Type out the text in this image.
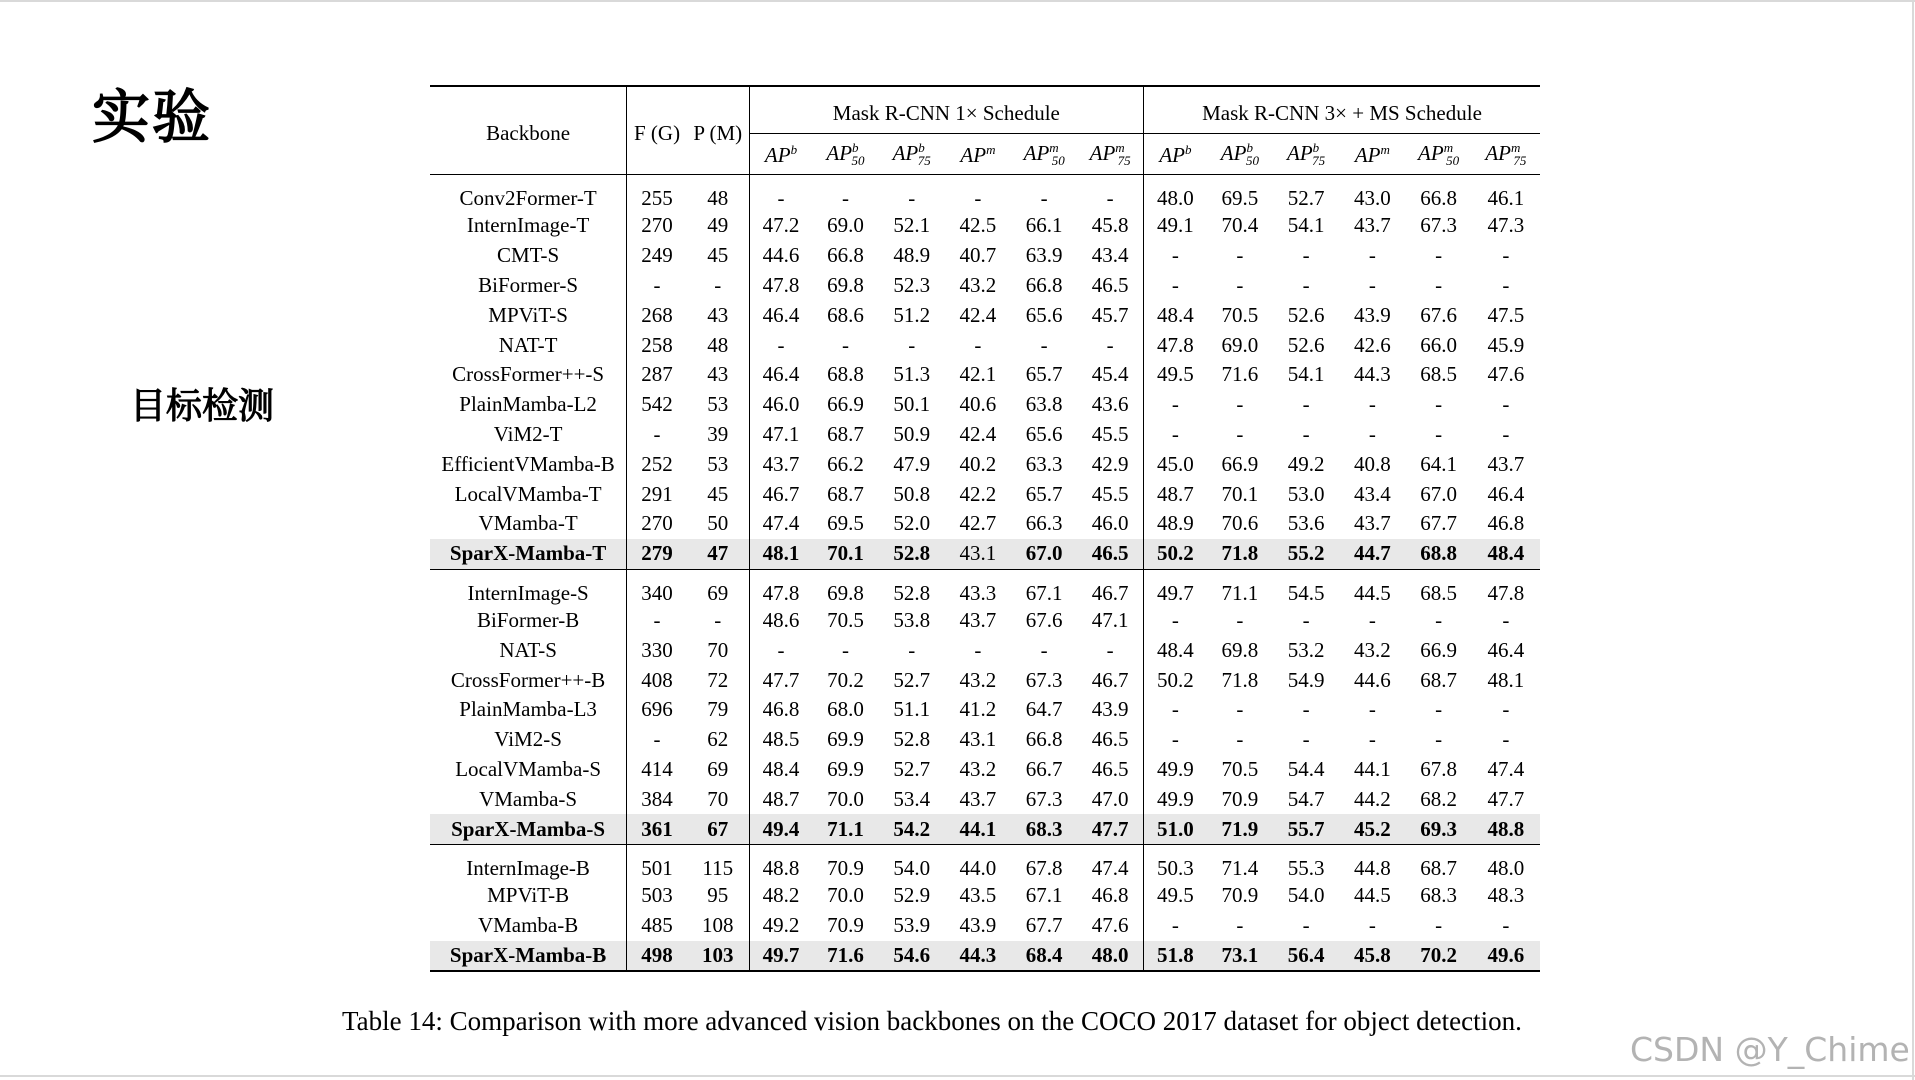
实验
目标检测
Backbone	F (G)	P (M)	Mask R-CNN 1× Schedule						Mask R-CNN 3× + MS Schedule					
			$AP^b$	$AP^b_{50}$	$AP^b_{75}$	$AP^m$	$AP^m_{50}$	$AP^m_{75}$	$AP^b$	$AP^b_{50}$	$AP^b_{75}$	$AP^m$	$AP^m_{50}$	$AP^m_{75}$
Conv2Former-T	255	48	-	-	-	-	-	-	48.0	69.5	52.7	43.0	66.8	46.1
InternImage-T	270	49	47.2	69.0	52.1	42.5	66.1	45.8	49.1	70.4	54.1	43.7	67.3	47.3
CMT-S	249	45	44.6	66.8	48.9	40.7	63.9	43.4	-	-	-	-	-	-
BiFormer-S	-	-	47.8	69.8	52.3	43.2	66.8	46.5	-	-	-	-	-	-
MPViT-S	268	43	46.4	68.6	51.2	42.4	65.6	45.7	48.4	70.5	52.6	43.9	67.6	47.5
NAT-T	258	48	-	-	-	-	-	-	47.8	69.0	52.6	42.6	66.0	45.9
CrossFormer++-S	287	43	46.4	68.8	51.3	42.1	65.7	45.4	49.5	71.6	54.1	44.3	68.5	47.6
PlainMamba-L2	542	53	46.0	66.9	50.1	40.6	63.8	43.6	-	-	-	-	-	-
ViM2-T	-	39	47.1	68.7	50.9	42.4	65.6	45.5	-	-	-	-	-	-
EfficientVMamba-B	252	53	43.7	66.2	47.9	40.2	63.3	42.9	45.0	66.9	49.2	40.8	64.1	43.7
LocalVMamba-T	291	45	46.7	68.7	50.8	42.2	65.7	45.5	48.7	70.1	53.0	43.4	67.0	46.4
VMamba-T	270	50	47.4	69.5	52.0	42.7	66.3	46.0	48.9	70.6	53.6	43.7	67.7	46.8
SparX-Mamba-T	279	47	48.1	70.1	52.8	43.1	67.0	46.5	50.2	71.8	55.2	44.7	68.8	48.4
InternImage-S	340	69	47.8	69.8	52.8	43.3	67.1	46.7	49.7	71.1	54.5	44.5	68.5	47.8
BiFormer-B	-	-	48.6	70.5	53.8	43.7	67.6	47.1	-	-	-	-	-	-
NAT-S	330	70	-	-	-	-	-	-	48.4	69.8	53.2	43.2	66.9	46.4
CrossFormer++-B	408	72	47.7	70.2	52.7	43.2	67.3	46.7	50.2	71.8	54.9	44.6	68.7	48.1
PlainMamba-L3	696	79	46.8	68.0	51.1	41.2	64.7	43.9	-	-	-	-	-	-
ViM2-S	-	62	48.5	69.9	52.8	43.1	66.8	46.5	-	-	-	-	-	-
LocalVMamba-S	414	69	48.4	69.9	52.7	43.2	66.7	46.5	49.9	70.5	54.4	44.1	67.8	47.4
VMamba-S	384	70	48.7	70.0	53.4	43.7	67.3	47.0	49.9	70.9	54.7	44.2	68.2	47.7
SparX-Mamba-S	361	67	49.4	71.1	54.2	44.1	68.3	47.7	51.0	71.9	55.7	45.2	69.3	48.8
InternImage-B	501	115	48.8	70.9	54.0	44.0	67.8	47.4	50.3	71.4	55.3	44.8	68.7	48.0
MPViT-B	503	95	48.2	70.0	52.9	43.5	67.1	46.8	49.5	70.9	54.0	44.5	68.3	48.3
VMamba-B	485	108	49.2	70.9	53.9	43.9	67.7	47.6	-	-	-	-	-	-
SparX-Mamba-B	498	103	49.7	71.6	54.6	44.3	68.4	48.0	51.8	73.1	56.4	45.8	70.2	49.6

Table 14: Comparison with more advanced vision backbones on the COCO 2017 dataset for object detection.

CSDN @Y_Chime
